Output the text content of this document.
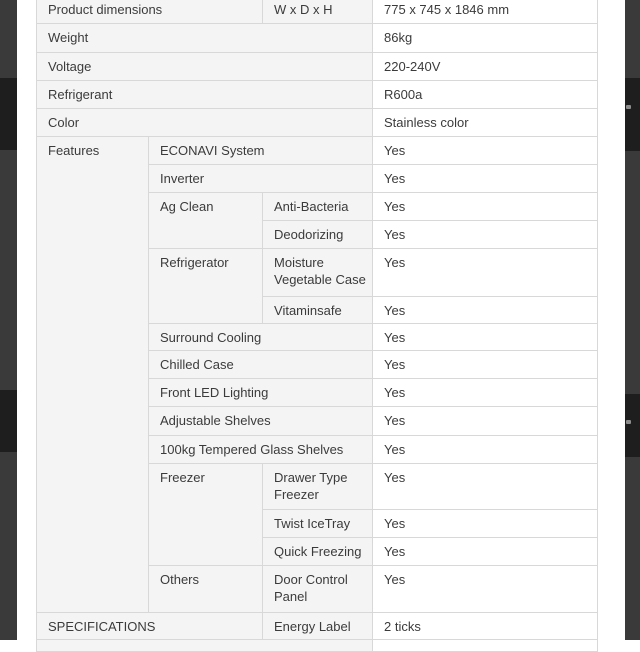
Product dimensions		W x D x H	775 x 745 x 1846 mm
Weight			86kg
Voltage			220-240V
Refrigerant			R600a
Color			Stainless color
Features	ECONAVI System		Yes
	Inverter		Yes
	Ag Clean	Anti-Bacteria	Yes
		Deodorizing	Yes
	Refrigerator	Moisture Vegetable Case	Yes
		Vitaminsafe	Yes
	Surround Cooling		Yes
	Chilled Case		Yes
	Front LED Lighting		Yes
	Adjustable Shelves		Yes
	100kg Tempered Glass Shelves		Yes
	Freezer	Drawer Type Freezer	Yes
		Twist IceTray	Yes
		Quick Freezing	Yes
	Others	Door Control Panel	Yes
SPECIFICATIONS		Energy Label	2 ticks
